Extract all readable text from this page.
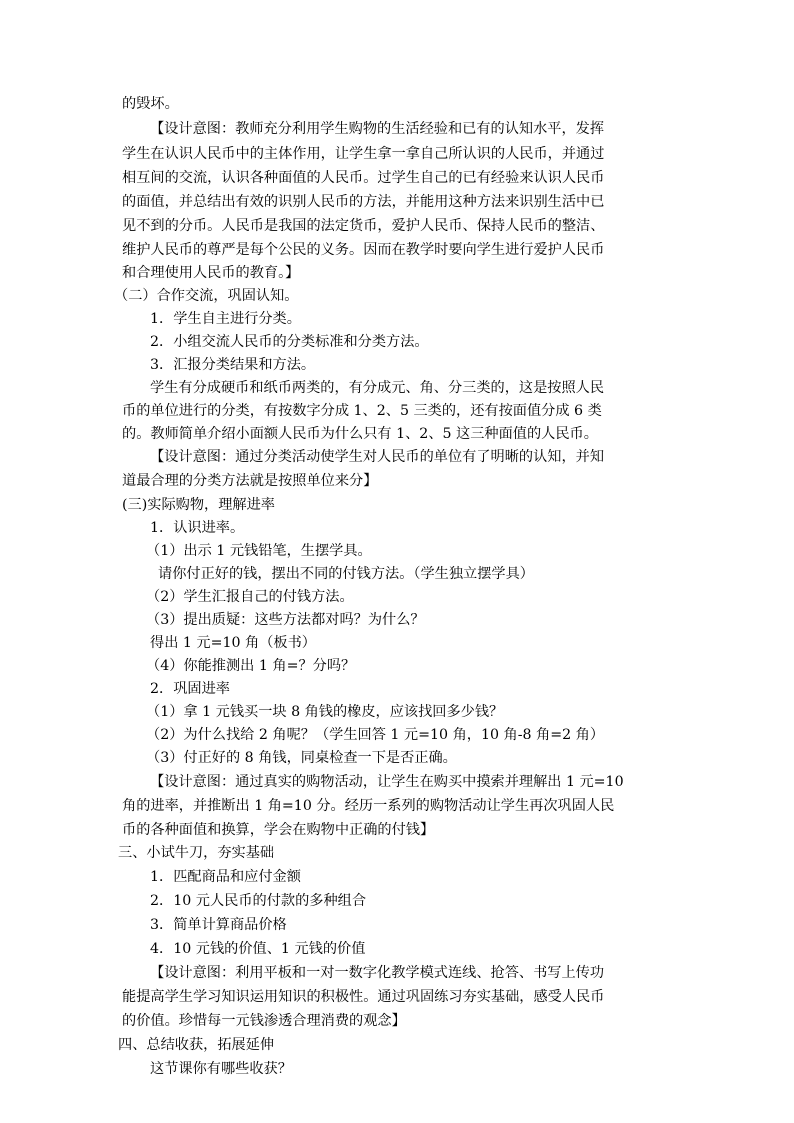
的毁坏。
【设计意图：教师充分利用学生购物的生活经验和已有的认知水平，发挥
学生在认识人民币中的主体作用，让学生拿一拿自己所认识的人民币，并通过
相互间的交流，认识各种面值的人民币。过学生自己的已有经验来认识人民币
的面值，并总结出有效的识别人民币的方法，并能用这种方法来识别生活中已
见不到的分币。人民币是我国的法定货币，爱护人民币、保持人民币的整洁、
维护人民币的尊严是每个公民的义务。因而在教学时要向学生进行爱护人民币
和合理使用人民币的教育。】
（二）合作交流，巩固认知。
1．学生自主进行分类。
2．小组交流人民币的分类标准和分类方法。
3．汇报分类结果和方法。
学生有分成硬币和纸币两类的，有分成元、角、分三类的，这是按照人民
币的单位进行的分类，有按数字分成 1、2、5 三类的，还有按面值分成 6 类
的。教师简单介绍小面额人民币为什么只有 1、2、5 这三种面值的人民币。
【设计意图：通过分类活动使学生对人民币的单位有了明晰的认知，并知
道最合理的分类方法就是按照单位来分】
(三)实际购物，理解进率
1．认识进率。
（1）出示 1 元钱铅笔，生摆学具。
请你付正好的钱，摆出不同的付钱方法。（学生独立摆学具）
（2）学生汇报自己的付钱方法。
（3）提出质疑：这些方法都对吗？为什么？
得出 1 元=10 角（板书）
（4）你能推测出 1 角=？分吗？
2．巩固进率
（1）拿 1 元钱买一块 8 角钱的橡皮，应该找回多少钱？
（2）为什么找给 2 角呢？（学生回答 1 元=10 角，10 角-8 角=2 角）
（3）付正好的 8 角钱，同桌检查一下是否正确。
【设计意图：通过真实的购物活动，让学生在购买中摸索并理解出 1 元=10
角的进率，并推断出 1 角=10 分。经历一系列的购物活动让学生再次巩固人民
币的各种面值和换算，学会在购物中正确的付钱】
三、小试牛刀，夯实基础
1．匹配商品和应付金额
2．10 元人民币的付款的多种组合
3．简单计算商品价格
4．10 元钱的价值、1 元钱的价值
【设计意图：利用平板和一对一数字化教学模式连线、抢答、书写上传功
能提高学生学习知识运用知识的积极性。通过巩固练习夯实基础，感受人民币
的价值。珍惜每一元钱渗透合理消费的观念】
四、总结收获，拓展延伸
这节课你有哪些收获？
